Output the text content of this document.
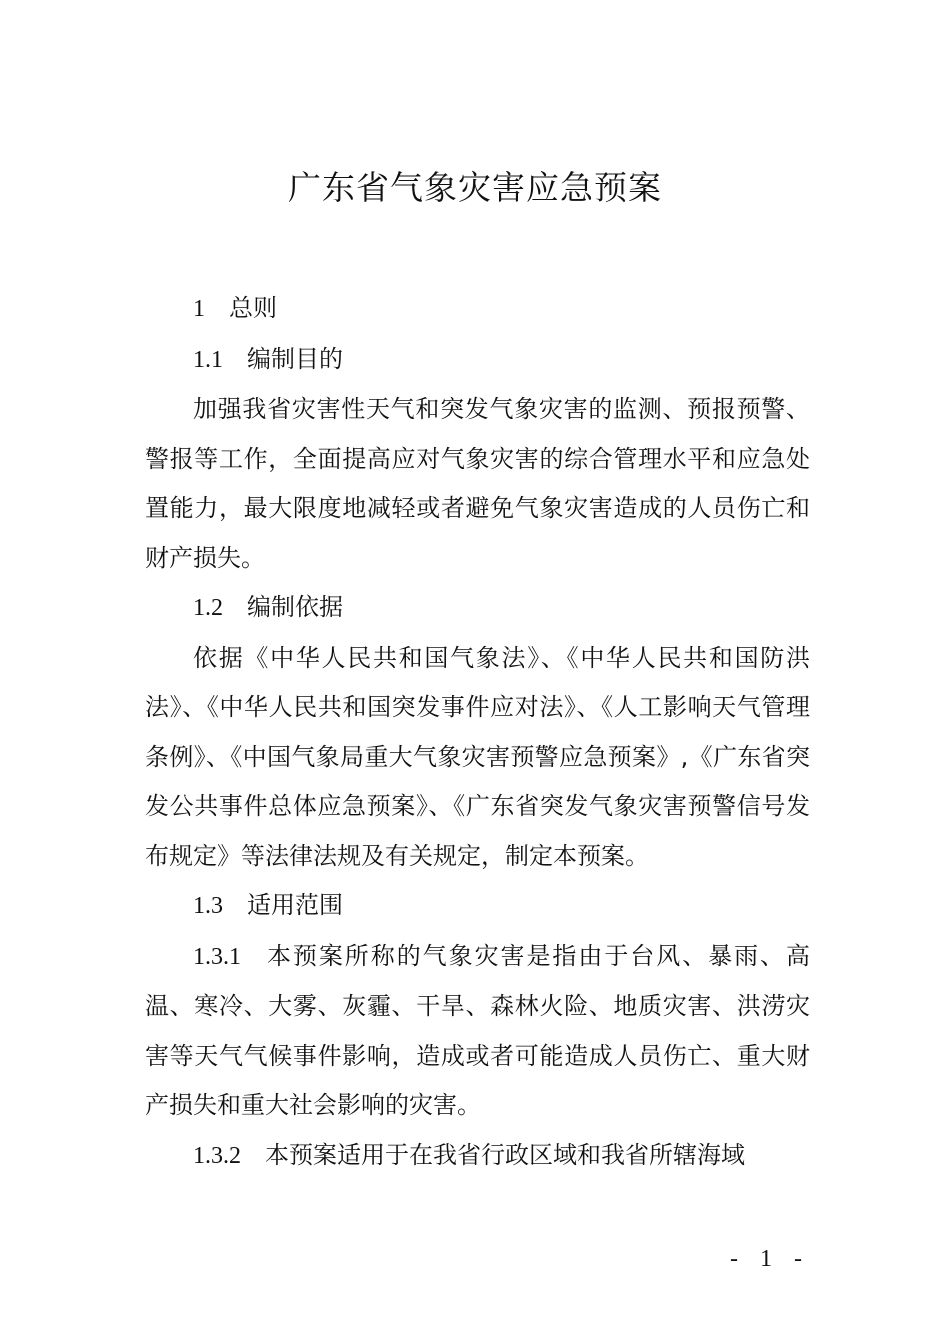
广东省气象灾害应急预案

1 总则

1.1 编制目的

加强我省灾害性天气和突发气象灾害的监测、预报预警、警报等工作，全面提高应对气象灾害的综合管理水平和应急处置能力，最大限度地减轻或者避免气象灾害造成的人员伤亡和财产损失。

1.2 编制依据

依据《中华人民共和国气象法》、《中华人民共和国防洪法》、《中华人民共和国突发事件应对法》、《人工影响天气管理条例》、《中国气象局重大气象灾害预警应急预案》,《广东省突发公共事件总体应急预案》、《广东省突发气象灾害预警信号发布规定》等法律法规及有关规定，制定本预案。

1.3 适用范围

1.3.1 本预案所称的气象灾害是指由于台风、暴雨、高温、寒冷、大雾、灰霾、干旱、森林火险、地质灾害、洪涝灾害等天气气候事件影响，造成或者可能造成人员伤亡、重大财产损失和重大社会影响的灾害。

1.3.2 本预案适用于在我省行政区域和我省所辖海域

- 1 -
